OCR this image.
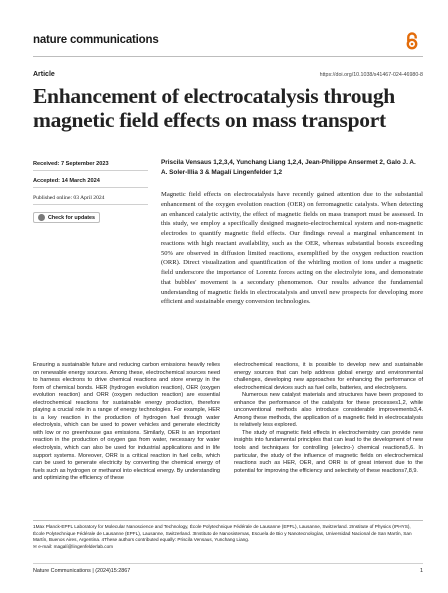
nature communications
Article	https://doi.org/10.1038/s41467-024-46980-8
Enhancement of electrocatalysis through magnetic field effects on mass transport
Received: 7 September 2023
Accepted: 14 March 2024
Published online: 03 April 2024
Check for updates
Priscila Vensaus 1,2,3,4, Yunchang Liang 1,2,4, Jean-Philippe Ansermet 2, Galo J. A. A. Soler-Illia 3 & Magalí Lingenfelder 1,2
Magnetic field effects on electrocatalysis have recently gained attention due to the substantial enhancement of the oxygen evolution reaction (OER) on ferromagnetic catalysts. When detecting an enhanced catalytic activity, the effect of magnetic fields on mass transport must be assessed. In this study, we employ a specifically designed magneto-electrochemical system and non-magnetic electrodes to quantify magnetic field effects. Our findings reveal a marginal enhancement in reactions with high reactant availability, such as the OER, whereas substantial boosts exceeding 50% are observed in diffusion limited reactions, exemplified by the oxygen reduction reaction (ORR). Direct visualization and quantification of the whirling motion of ions under a magnetic field underscore the importance of Lorentz forces acting on the electrolyte ions, and demonstrate that bubbles' movement is a secondary phenomenon. Our results advance the fundamental understanding of magnetic fields in electrocatalysis and unveil new prospects for developing more efficient and sustainable energy conversion technologies.

Ensuring a sustainable future and reducing carbon emissions heavily relies on renewable energy sources. Among these, electrochemical sources need to harness electrons to drive chemical reactions and store energy in the form of chemical bonds. HER (hydrogen evolution reaction), OER (oxygen evolution reaction) and ORR (oxygen reduction reaction) are essential electrochemical reactions for sustainable energy production, therefore playing a crucial role in a range of energy technologies. For example, HER is a key reaction in the production of hydrogen fuel through water electrolysis, which can be used to power vehicles and generate electricity with low or no greenhouse gas emissions. Similarly, OER is an important reaction in the production of oxygen gas from water, necessary for water electrolysis, which can also be used for industrial applications and in life support systems. Moreover, ORR is a critical reaction in fuel cells, which can be used to generate electricity by converting the chemical energy of fuels such as hydrogen or methanol into electrical energy. By understanding and optimizing the efficiency of these

electrochemical reactions, it is possible to develop new and sustainable energy sources that can help address global energy and environmental challenges, developing new approaches for enhancing the performance of electrochemical devices such as fuel cells, batteries, and electrolysers.

Numerous new catalyst materials and structures have been proposed to enhance the performance of the catalysts for these processes1,2, while unconventional methods also introduce considerable improvements3,4. Among these methods, the application of a magnetic field in electrocatalysis is relatively less explored.

The study of magnetic field effects in electrochemistry can provide new insights into fundamental principles that can lead to the development of new tools and techniques for controlling (electro-) chemical reactions5,6. In particular, the study of the influence of magnetic fields on electrochemical reactions such as HER, OER, and ORR is of great interest due to the potential for improving the efficiency and selectivity of these reactions7,8,9.

1Max Planck-EPFL Laboratory for Molecular Nanoscience and Technology, École Polytechnique Fédérale de Lausanne (EPFL), Lausanne, Switzerland. 2Institute of Physics (IPHYS), École Polytechnique Fédérale de Lausanne (EPFL), Lausanne, Switzerland. 3Instituto de Nanosistemas, Escuela de Bio y Nanotecnologías, Universidad Nacional de San Martín, San Martín, Buenos Aires, Argentina. 4These authors contributed equally: Priscila Vensaus, Yunchang Liang.
✉ e-mail: magalí@lingenfelderlab.com
Nature Communications | (2024)15:2867	1
